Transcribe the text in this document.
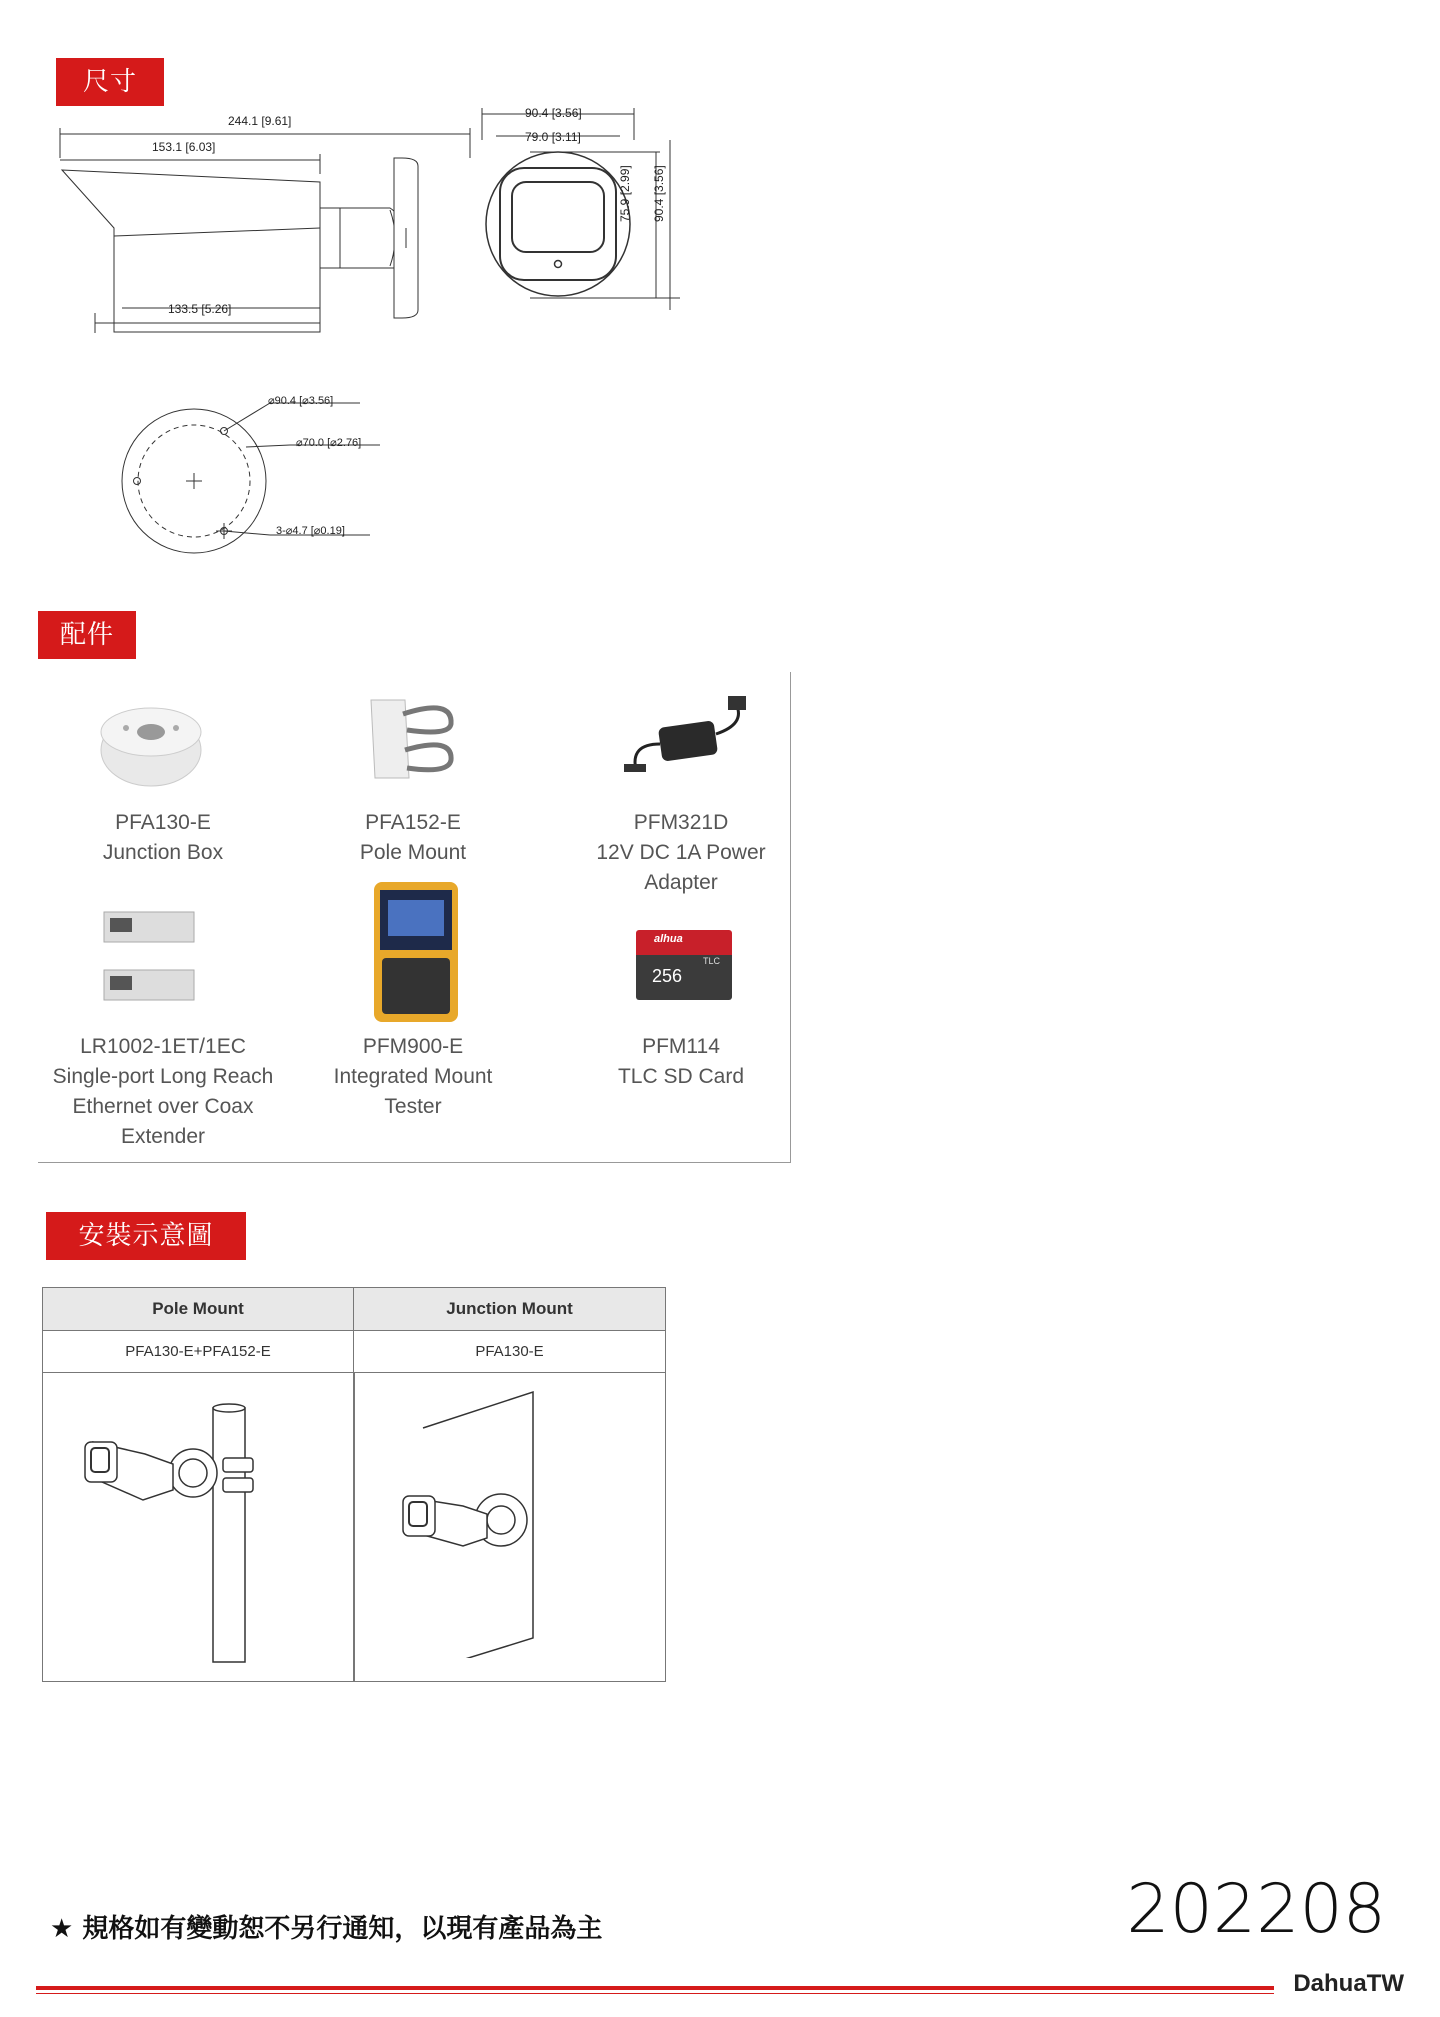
尺寸
244.1 [9.61]
153.1 [6.03]
133.5 [5.26]
90.4 [3.56]
79.0 [3.11]
75.9 [2.99] 90.4 [3.56]
⌀90.4 [⌀3.56]
⌀70.0 [⌀2.76]
3-⌀4.7 [⌀0.19]
配件
PFA130-E
Junction Box
PFA152-E
Pole Mount
PFM321D
12V DC 1A Power Adapter
LR1002-1ET/1EC
Single-port Long Reach Ethernet over Coax Extender
PFM900-E
Integrated Mount Tester
alhua
TLC
256
PFM114
TLC SD Card
安裝示意圖
Pole Mount	Junction Mount
PFA130-E+PFA152-E	PFA130-E
★ 規格如有變動恕不另行通知，以現有產品為主	202208
DahuaTW
